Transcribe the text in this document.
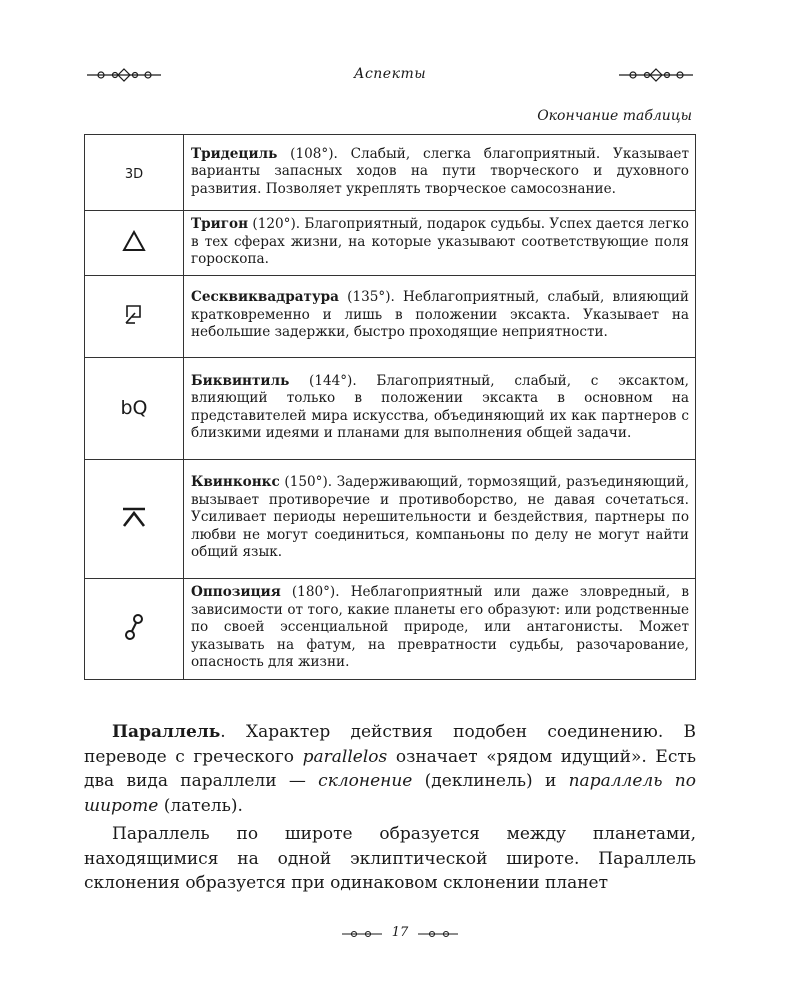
Аспекты
Окончание таблицы
3D	Тридециль (108°). Слабый, слегка благоприятный. Указывает варианты запасных ходов на пути творческого и духовного развития. Позволяет укреплять творческое самосознание.
	Тригон (120°). Благоприятный, подарок судьбы. Успех дается легко в тех сферах жизни, на которые указывают соответствующие поля гороскопа.
	Сесквиквадратура (135°). Неблагоприятный, слабый, влияющий кратковременно и лишь в положении эксакта. Указывает на небольшие задержки, быстро проходящие неприятности.
bQ	Биквинтиль (144°). Благоприятный, слабый, с эксактом, влияющий только в положении эксакта в основном на представителей мира искусства, объединяющий их как партнеров с близкими идеями и планами для выполнения общей задачи.
	Квинконкс (150°). Задерживающий, тормозящий, разъединяющий, вызывает противоречие и противоборство, не давая сочетаться. Усиливает периоды нерешительности и бездействия, партнеры по любви не могут соединиться, компаньоны по делу не могут найти общий язык.
	Оппозиция (180°). Неблагоприятный или даже зловредный, в зависимости от того, какие планеты его образуют: или родственные по своей эссенциальной природе, или антагонисты. Может указывать на фатум, на превратности судьбы, разочарование, опасность для жизни.

Параллель. Характер действия подобен соединению. В переводе с греческого parallelos означает «рядом идущий». Есть два вида параллели — склонение (деклинель) и параллель по широте (латель).

Параллель по широте образуется между планетами, находящимися на одной эклиптической широте. Параллель склонения образуется при одинаковом склонении планет

17
